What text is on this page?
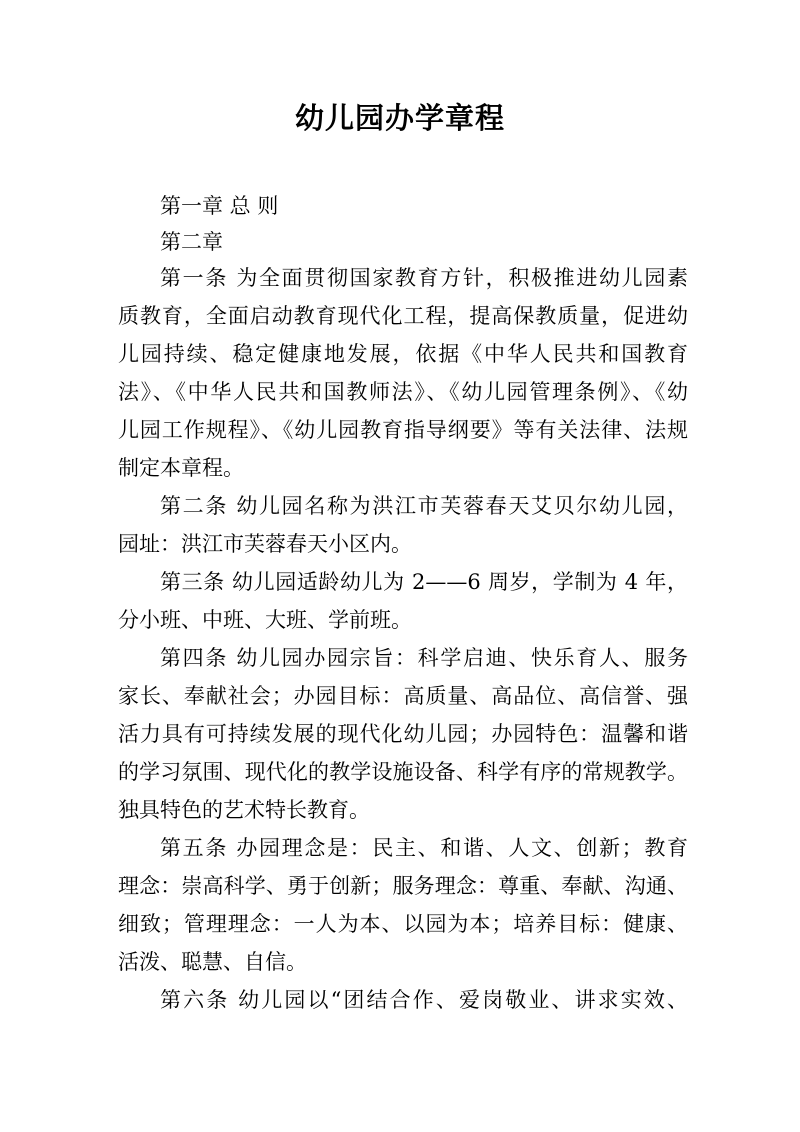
幼儿园办学章程
第一章 总 则
第二章
第一条 为全面贯彻国家教育方针，积极推进幼儿园素
质教育，全面启动教育现代化工程，提高保教质量，促进幼
儿园持续、稳定健康地发展，依据《中华人民共和国教育
法》、《中华人民共和国教师法》、《幼儿园管理条例》、《幼
儿园工作规程》、《幼儿园教育指导纲要》等有关法律、法规
制定本章程。
第二条 幼儿园名称为洪江市芙蓉春天艾贝尔幼儿园，
园址：洪江市芙蓉春天小区内。
第三条 幼儿园适龄幼儿为 2——6 周岁，学制为 4 年，
分小班、中班、大班、学前班。
第四条 幼儿园办园宗旨：科学启迪、快乐育人、服务
家长、奉献社会；办园目标：高质量、高品位、高信誉、强
活力具有可持续发展的现代化幼儿园；办园特色：温馨和谐
的学习氛围、现代化的教学设施设备、科学有序的常规教学。
独具特色的艺术特长教育。
第五条 办园理念是：民主、和谐、人文、创新；教育
理念：崇高科学、勇于创新；服务理念：尊重、奉献、沟通、
细致；管理理念：一人为本、以园为本；培养目标：健康、
活泼、聪慧、自信。
第六条 幼儿园以“团结合作、爱岗敬业、讲求实效、
